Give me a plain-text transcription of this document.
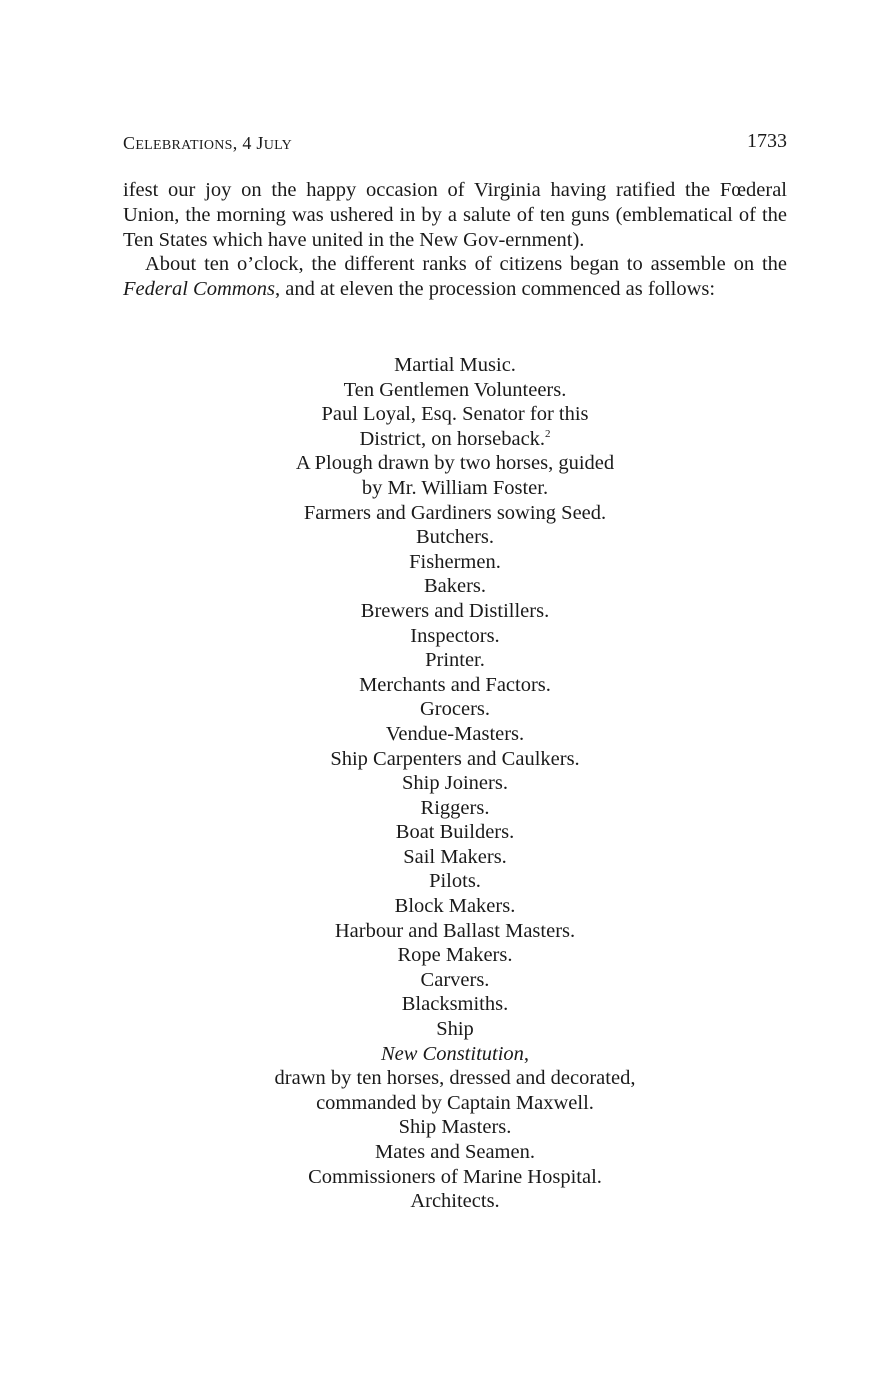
CELEBRATIONS, 4 JULY	1733

ifest our joy on the happy occasion of Virginia having ratified the Fœderal Union, the morning was ushered in by a salute of ten guns (emblematical of the Ten States which have united in the New Gov-ernment).

About ten o’clock, the different ranks of citizens began to assemble on the Federal Commons, and at eleven the procession commenced as follows:

Martial Music.
Ten Gentlemen Volunteers.
Paul Loyal, Esq. Senator for this
District, on horseback.$^2$
A Plough drawn by two horses, guided
by Mr. William Foster.
Farmers and Gardiners sowing Seed.
Butchers.
Fishermen.
Bakers.
Brewers and Distillers.
Inspectors.
Printer.
Merchants and Factors.
Grocers.
Vendue-Masters.
Ship Carpenters and Caulkers.
Ship Joiners.
Riggers.
Boat Builders.
Sail Makers.
Pilots.
Block Makers.
Harbour and Ballast Masters.
Rope Makers.
Carvers.
Blacksmiths.
Ship
New Constitution,
drawn by ten horses, dressed and decorated,
commanded by Captain Maxwell.
Ship Masters.
Mates and Seamen.
Commissioners of Marine Hospital.
Architects.
